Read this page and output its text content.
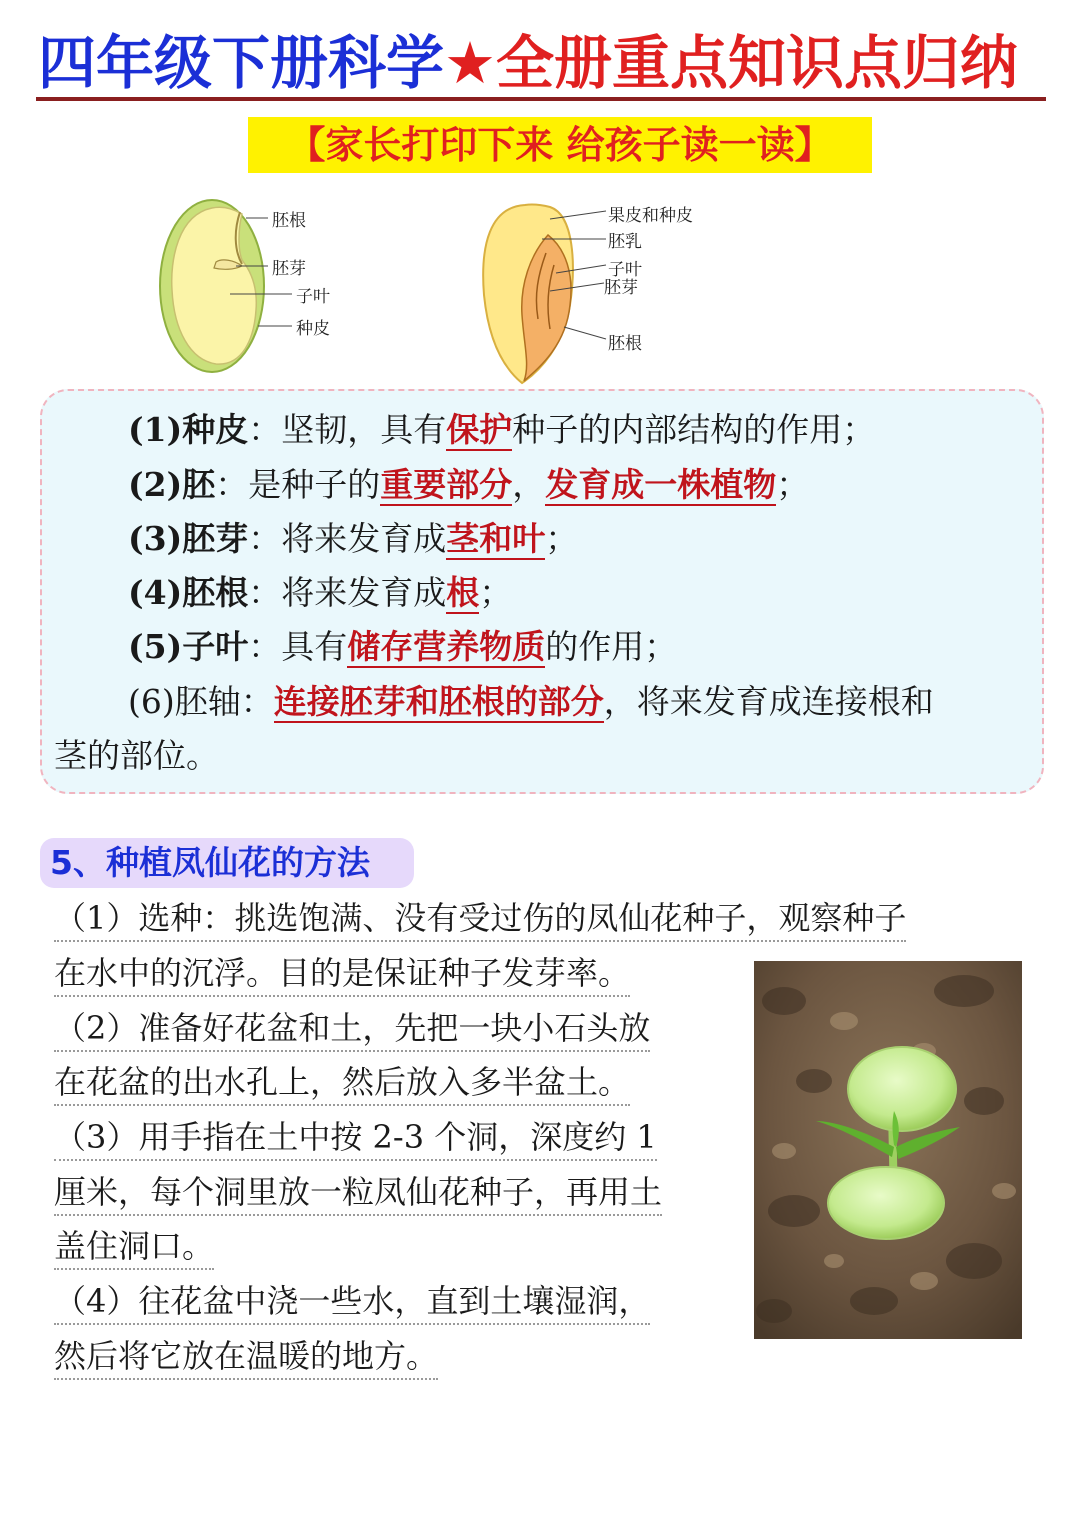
四年级下册科学★全册重点知识点归纳
【家长打印下来 给孩子读一读】
胚根
胚芽
子叶
种皮
果皮和种皮
胚乳
子叶
胚芽
胚根
(1)种皮：坚韧，具有保护种子的内部结构的作用；
(2)胚：是种子的重要部分，发育成一株植物；
(3)胚芽：将来发育成茎和叶；
(4)胚根：将来发育成根；
(5)子叶：具有储存营养物质的作用；
(6)胚轴：连接胚芽和胚根的部分，将来发育成连接根和
茎的部位。
5、种植凤仙花的方法
（1）选种：挑选饱满、没有受过伤的凤仙花种子，观察种子
在水中的沉浮。目的是保证种子发芽率。
（2）准备好花盆和土，先把一块小石头放
在花盆的出水孔上，然后放入多半盆土。
（3）用手指在土中按 2-3 个洞，深度约 1
厘米，每个洞里放一粒凤仙花种子，再用土
盖住洞口。
（4）往花盆中浇一些水，直到土壤湿润，
然后将它放在温暖的地方。
